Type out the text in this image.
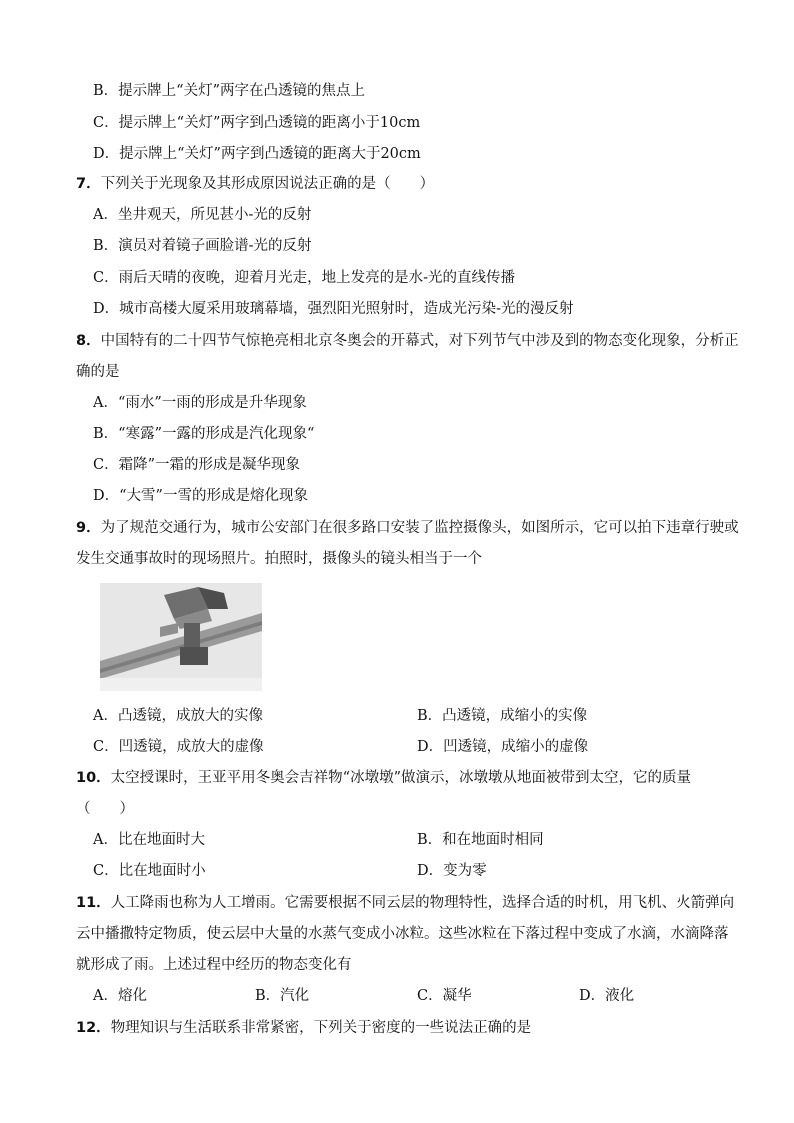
B．提示牌上“关灯”两字在凸透镜的焦点上
C．提示牌上“关灯”两字到凸透镜的距离小于10cm
D．提示牌上“关灯”两字到凸透镜的距离大于20cm
7．下列关于光现象及其形成原因说法正确的是（　　）
A．坐井观天，所见甚小-光的反射
B．演员对着镜子画脸谱-光的反射
C．雨后天晴的夜晚，迎着月光走，地上发亮的是水-光的直线传播
D．城市高楼大厦采用玻璃幕墙，强烈阳光照射时，造成光污染-光的漫反射
8．中国特有的二十四节气惊艳亮相北京冬奥会的开幕式，对下列节气中涉及到的物态变化现象，分析正
确的是
A．“雨水”一雨的形成是升华现象
B．“寒露”一露的形成是汽化现象“
C．霜降”一霜的形成是凝华现象
D．“大雪”一雪的形成是熔化现象
9．为了规范交通行为，城市公安部门在很多路口安装了监控摄像头，如图所示，它可以拍下违章行驶或
发生交通事故时的现场照片。拍照时，摄像头的镜头相当于一个
A．凸透镜，成放大的实像	B．凸透镜，成缩小的实像
C．凹透镜，成放大的虚像	D．凹透镜，成缩小的虚像
10．太空授课时，王亚平用冬奥会吉祥物“冰墩墩”做演示，冰墩墩从地面被带到太空，它的质量
（　　）
A．比在地面时大	B．和在地面时相同
C．比在地面时小	D．变为零
11．人工降雨也称为人工增雨。它需要根据不同云层的物理特性，选择合适的时机，用飞机、火箭弹向
云中播撒特定物质，使云层中大量的水蒸气变成小冰粒。这些冰粒在下落过程中变成了水滴，水滴降落
就形成了雨。上述过程中经历的物态变化有
A．熔化	B．汽化	C．凝华	D．液化
12．物理知识与生活联系非常紧密，下列关于密度的一些说法正确的是
